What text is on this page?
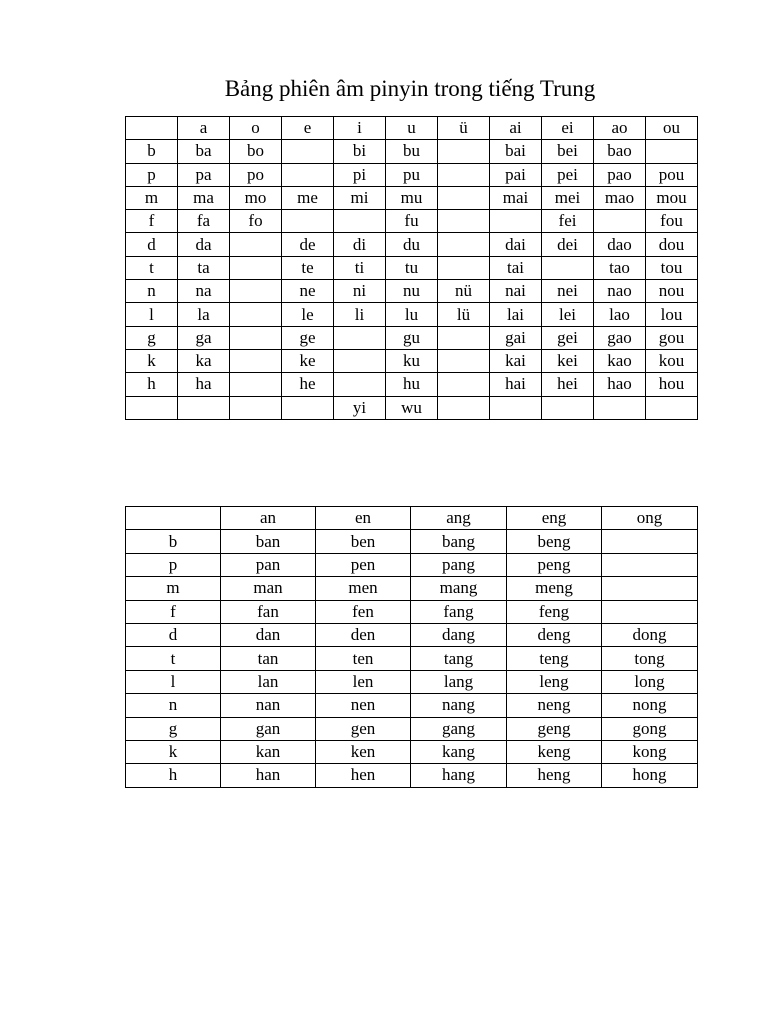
Bảng phiên âm pinyin trong tiếng Trung
	a	o	e	i	u	ü	ai	ei	ao	ou
b	ba	bo		bi	bu		bai	bei	bao	
p	pa	po		pi	pu		pai	pei	pao	pou
m	ma	mo	me	mi	mu		mai	mei	mao	mou
f	fa	fo			fu			fei		fou
d	da		de	di	du		dai	dei	dao	dou
t	ta		te	ti	tu		tai		tao	tou
n	na		ne	ni	nu	nü	nai	nei	nao	nou
l	la		le	li	lu	lü	lai	lei	lao	lou
g	ga		ge		gu		gai	gei	gao	gou
k	ka		ke		ku		kai	kei	kao	kou
h	ha		he		hu		hai	hei	hao	hou
				yi	wu					
	an	en	ang	eng	ong
b	ban	ben	bang	beng	
p	pan	pen	pang	peng	
m	man	men	mang	meng	
f	fan	fen	fang	feng	
d	dan	den	dang	deng	dong
t	tan	ten	tang	teng	tong
l	lan	len	lang	leng	long
n	nan	nen	nang	neng	nong
g	gan	gen	gang	geng	gong
k	kan	ken	kang	keng	kong
h	han	hen	hang	heng	hong
